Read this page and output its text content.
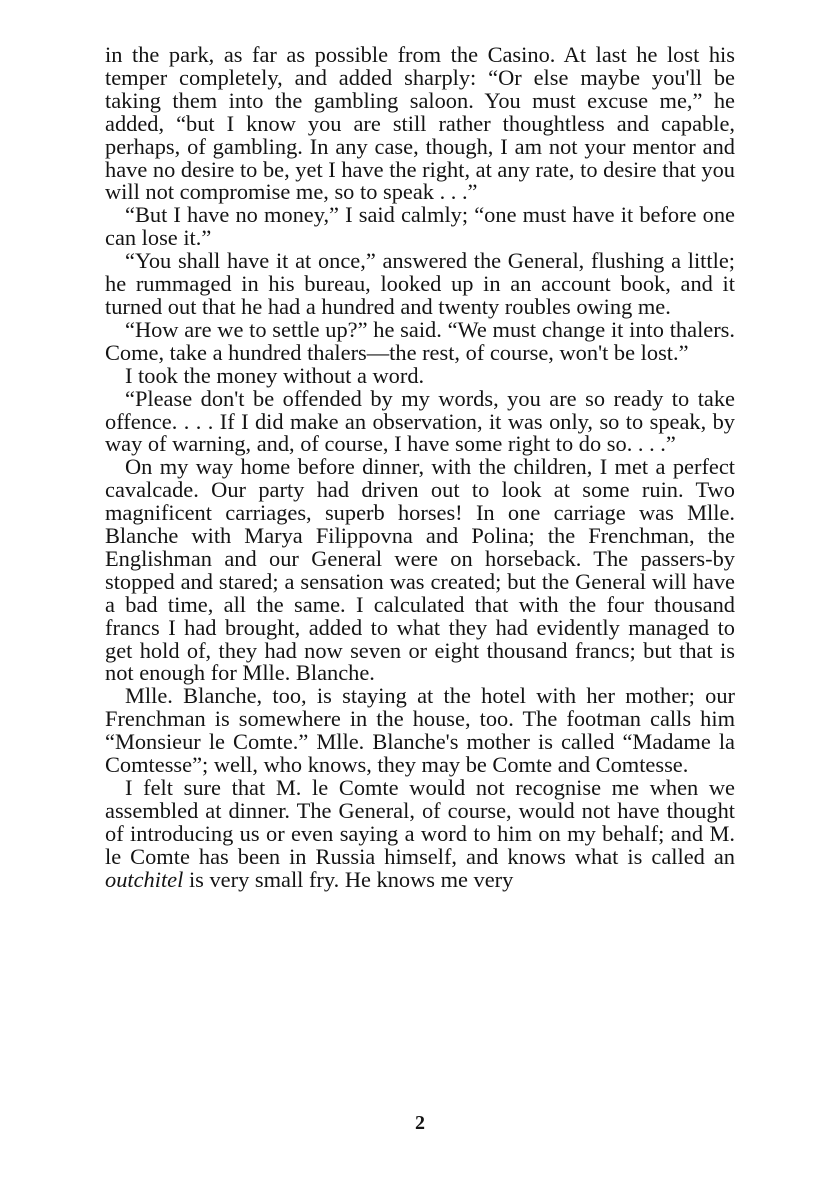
in the park, as far as possible from the Casino. At last he lost his temper completely, and added sharply: “Or else maybe you'll be taking them into the gambling saloon. You must excuse me,” he added, “but I know you are still rather thoughtless and capable, perhaps, of gambling. In any case, though, I am not your mentor and have no desire to be, yet I have the right, at any rate, to desire that you will not compromise me, so to speak . . .”

“But I have no money,” I said calmly; “one must have it before one can lose it.”

“You shall have it at once,” answered the General, flushing a little; he rummaged in his bureau, looked up in an account book, and it turned out that he had a hundred and twenty roubles owing me.

“How are we to settle up?” he said. “We must change it into thalers. Come, take a hundred thalers—the rest, of course, won't be lost.”

I took the money without a word.

“Please don't be offended by my words, you are so ready to take offence. . . . If I did make an observation, it was only, so to speak, by way of warning, and, of course, I have some right to do so. . . .”

On my way home before dinner, with the children, I met a perfect cavalcade. Our party had driven out to look at some ruin. Two magnificent carriages, superb horses! In one carriage was Mlle. Blanche with Marya Filippovna and Polina; the Frenchman, the Englishman and our General were on horseback. The passers-by stopped and stared; a sensation was created; but the General will have a bad time, all the same. I calculated that with the four thousand francs I had brought, added to what they had evidently managed to get hold of, they had now seven or eight thousand francs; but that is not enough for Mlle. Blanche.

Mlle. Blanche, too, is staying at the hotel with her mother; our Frenchman is somewhere in the house, too. The footman calls him “Monsieur le Comte.” Mlle. Blanche's mother is called “Madame la Comtesse”; well, who knows, they may be Comte and Comtesse.

I felt sure that M. le Comte would not recognise me when we assembled at dinner. The General, of course, would not have thought of introducing us or even saying a word to him on my behalf; and M. le Comte has been in Russia himself, and knows what is called an outchitel is very small fry. He knows me very

2
